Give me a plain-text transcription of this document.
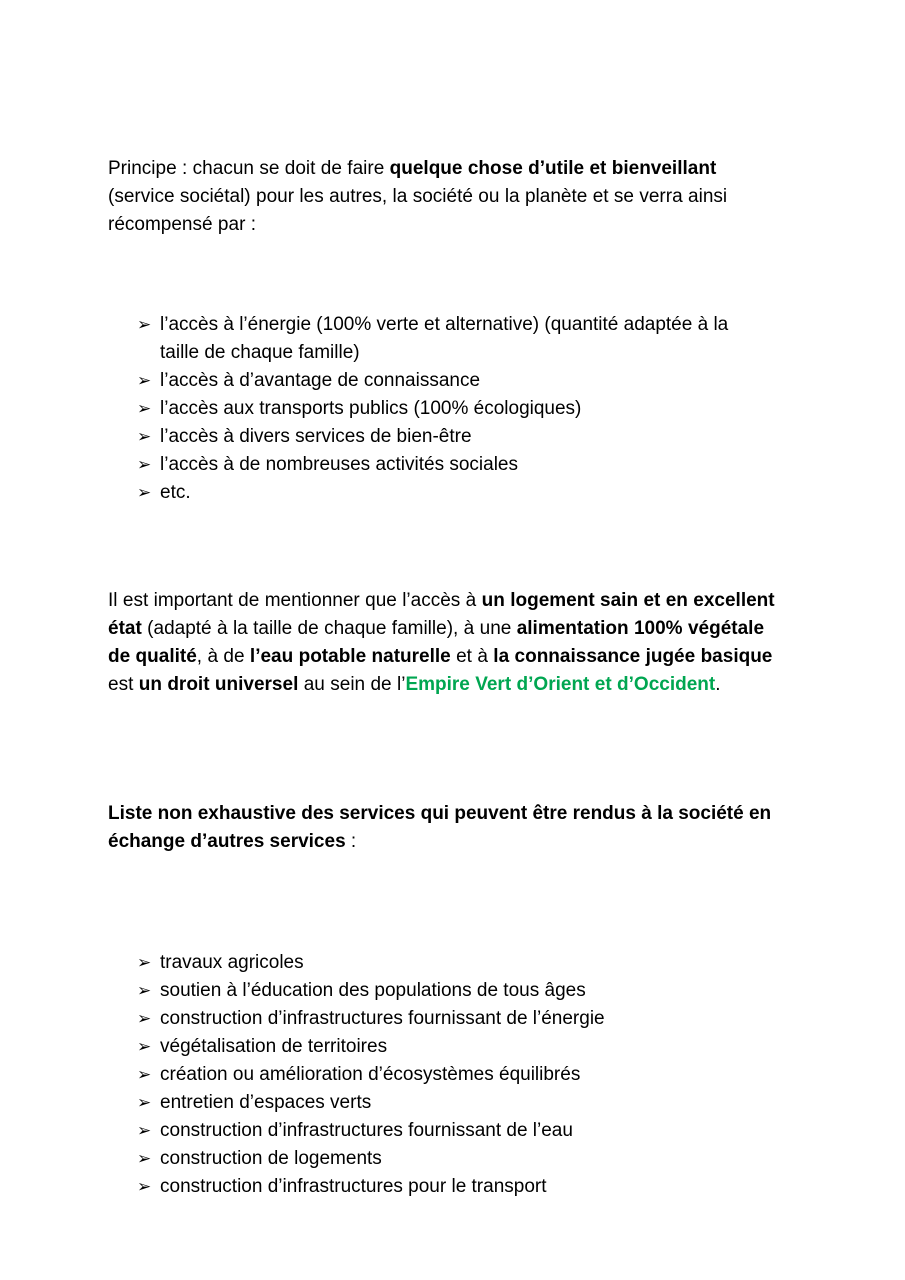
Principe : chacun se doit de faire quelque chose d’utile et bienveillant (service sociétal) pour les autres, la société ou la planète et se verra ainsi récompensé par :

➢ l’accès à l’énergie (100% verte et alternative) (quantité adaptée à la taille de chaque famille)
➢ l’accès à d’avantage de connaissance
➢ l’accès aux transports publics (100% écologiques)
➢ l’accès à divers services de bien-être
➢ l’accès à de nombreuses activités sociales
➢ etc.

Il est important de mentionner que l’accès à un logement sain et en excellent état (adapté à la taille de chaque famille), à une alimentation 100% végétale de qualité, à de l’eau potable naturelle et à la connaissance jugée basique est un droit universel au sein de l’Empire Vert d’Orient et d’Occident.

Liste non exhaustive des services qui peuvent être rendus à la société en échange d’autres services :

➢ travaux agricoles
➢ soutien à l’éducation des populations de tous âges
➢ construction d’infrastructures fournissant de l’énergie
➢ végétalisation de territoires
➢ création ou amélioration d’écosystèmes équilibrés
➢ entretien d’espaces verts
➢ construction d’infrastructures fournissant de l’eau
➢ construction de logements
➢ construction d’infrastructures pour le transport
